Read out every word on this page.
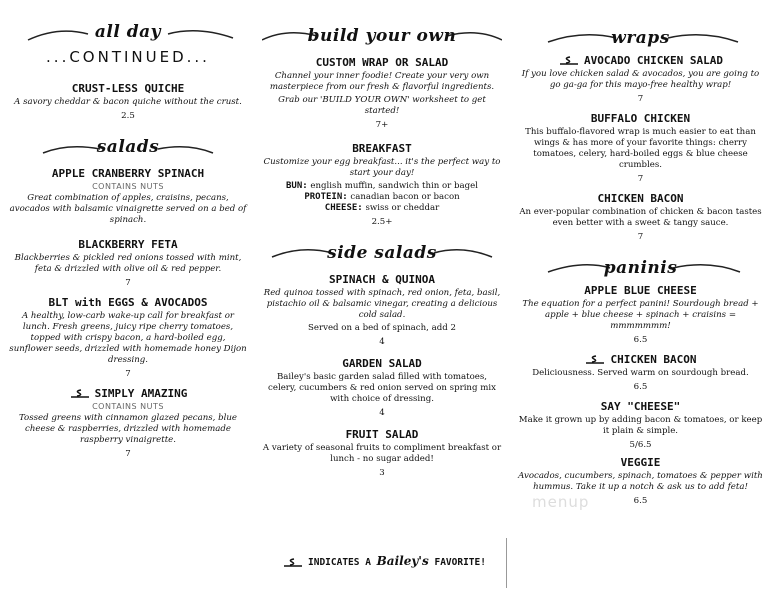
all day
...CONTINUED...

CRUST-LESS QUICHE

A savory cheddar & bacon quiche without the crust.

2.5

salads

APPLE CRANBERRY SPINACH

CONTAINS NUTS

Great combination of apples, craisins, pecans, avocados with balsamic vinaigrette served on a bed of spinach.

BLACKBERRY FETA

Blackberries & pickled red onions tossed with mint, feta & drizzled with olive oil & red pepper.

7

BLT with EGGS & AVOCADOS

A healthy, low-carb wake-up call for breakfast or lunch. Fresh greens, juicy ripe cherry tomatoes, topped with crispy bacon, a hard-boiled egg, sunflower seeds, drizzled with homemade honey Dijon dressing.

7

SIMPLY AMAZING

CONTAINS NUTS

Tossed greens with cinnamon glazed pecans, blue cheese & raspberries, drizzled with homemade raspberry vinaigrette.

7

build your own

CUSTOM WRAP OR SALAD

Channel your inner foodie! Create your very own masterpiece from our fresh & flavorful ingredients.

Grab our 'BUILD YOUR OWN' worksheet to get started!

7+

BREAKFAST

Customize your egg breakfast... it's the perfect way to start your day!

BUN: english muffin, sandwich thin or bagel
PROTEIN: canadian bacon or bacon
CHEESE: swiss or cheddar

2.5+

side salads

SPINACH & QUINOA

Red quinoa tossed with spinach, red onion, feta, basil, pistachio oil & balsamic vinegar, creating a delicious cold salad.

Served on a bed of spinach, add 2

4

GARDEN SALAD

Bailey's basic garden salad filled with tomatoes, celery, cucumbers & red onion served on spring mix with choice of dressing.

4

FRUIT SALAD

A variety of seasonal fruits to compliment breakfast or lunch - no sugar added!

3

INDICATES A Bailey's FAVORITE!
wraps

AVOCADO CHICKEN SALAD

If you love chicken salad & avocados, you are going to go ga-ga for this mayo-free healthy wrap!

7

BUFFALO CHICKEN

This buffalo-flavored wrap is much easier to eat than wings & has more of your favorite things: cherry tomatoes, celery, hard-boiled eggs & blue cheese crumbles.

7

CHICKEN BACON

An ever-popular combination of chicken & bacon tastes even better with a sweet & tangy sauce.

7

paninis

APPLE BLUE CHEESE

The equation for a perfect panini! Sourdough bread + apple + blue cheese + spinach + craisins = mmmmmmm!

6.5

CHICKEN BACON

Deliciousness. Served warm on sourdough bread.

6.5

SAY "CHEESE"

Make it grown up by adding bacon & tomatoes, or keep it plain & simple.

5/6.5

VEGGIE

Avocados, cucumbers, spinach, tomatoes & pepper with hummus. Take it up a notch & ask us to add feta!

6.5

menup
